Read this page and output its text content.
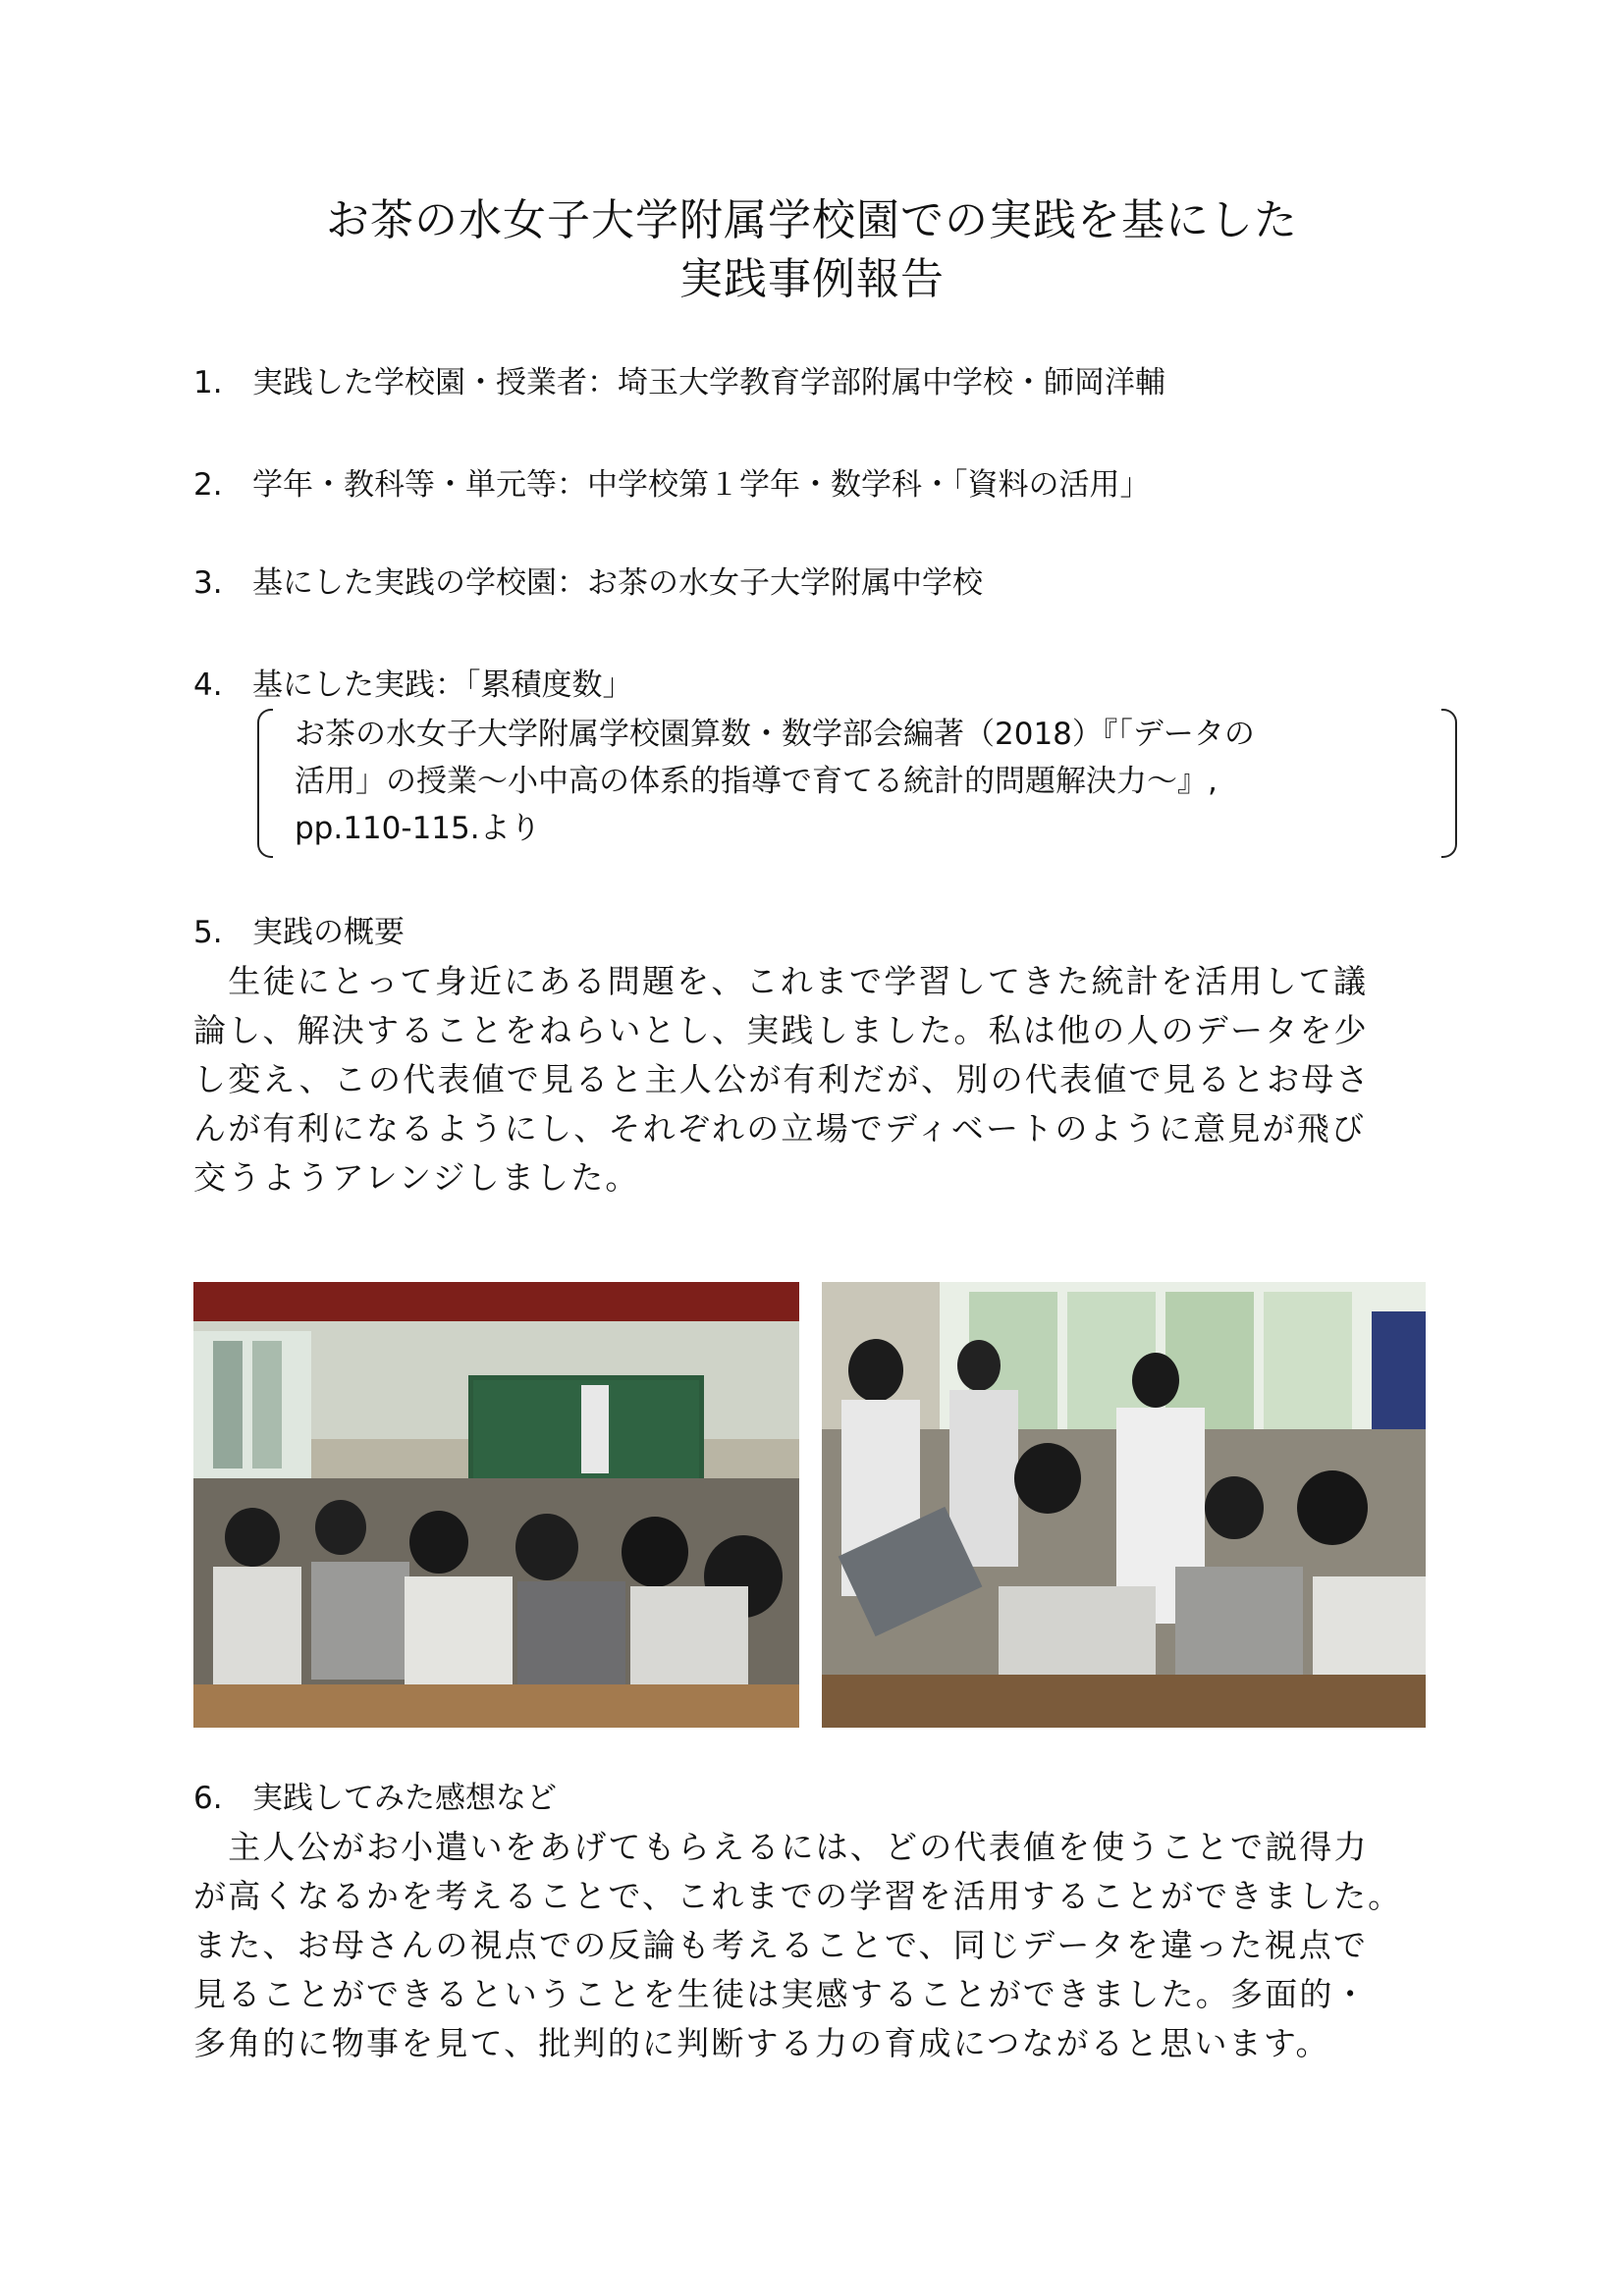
お茶の水女子大学附属学校園での実践を基にした
実践事例報告
1. 実践した学校園・授業者：埼玉大学教育学部附属中学校・師岡洋輔
2. 学年・教科等・単元等：中学校第１学年・数学科・「資料の活用」
3. 基にした実践の学校園：お茶の水女子大学附属中学校
4. 基にした実践：「累積度数」
お茶の水女子大学附属学校園算数・数学部会編著（2018）『「データの
活用」の授業～小中高の体系的指導で育てる統計的問題解決力～』,
pp.110-115.より
5. 実践の概要
　生徒にとって身近にある問題を、これまで学習してきた統計を活用して議
論し、解決することをねらいとし、実践しました。私は他の人のデータを少
し変え、この代表値で見ると主人公が有利だが、別の代表値で見るとお母さ
んが有利になるようにし、それぞれの立場でディベートのように意見が飛び
交うようアレンジしました。
6. 実践してみた感想など
　主人公がお小遣いをあげてもらえるには、どの代表値を使うことで説得力
が高くなるかを考えることで、これまでの学習を活用することができました。
また、お母さんの視点での反論も考えることで、同じデータを違った視点で
見ることができるということを生徒は実感することができました。多面的・
多角的に物事を見て、批判的に判断する力の育成につながると思います。
